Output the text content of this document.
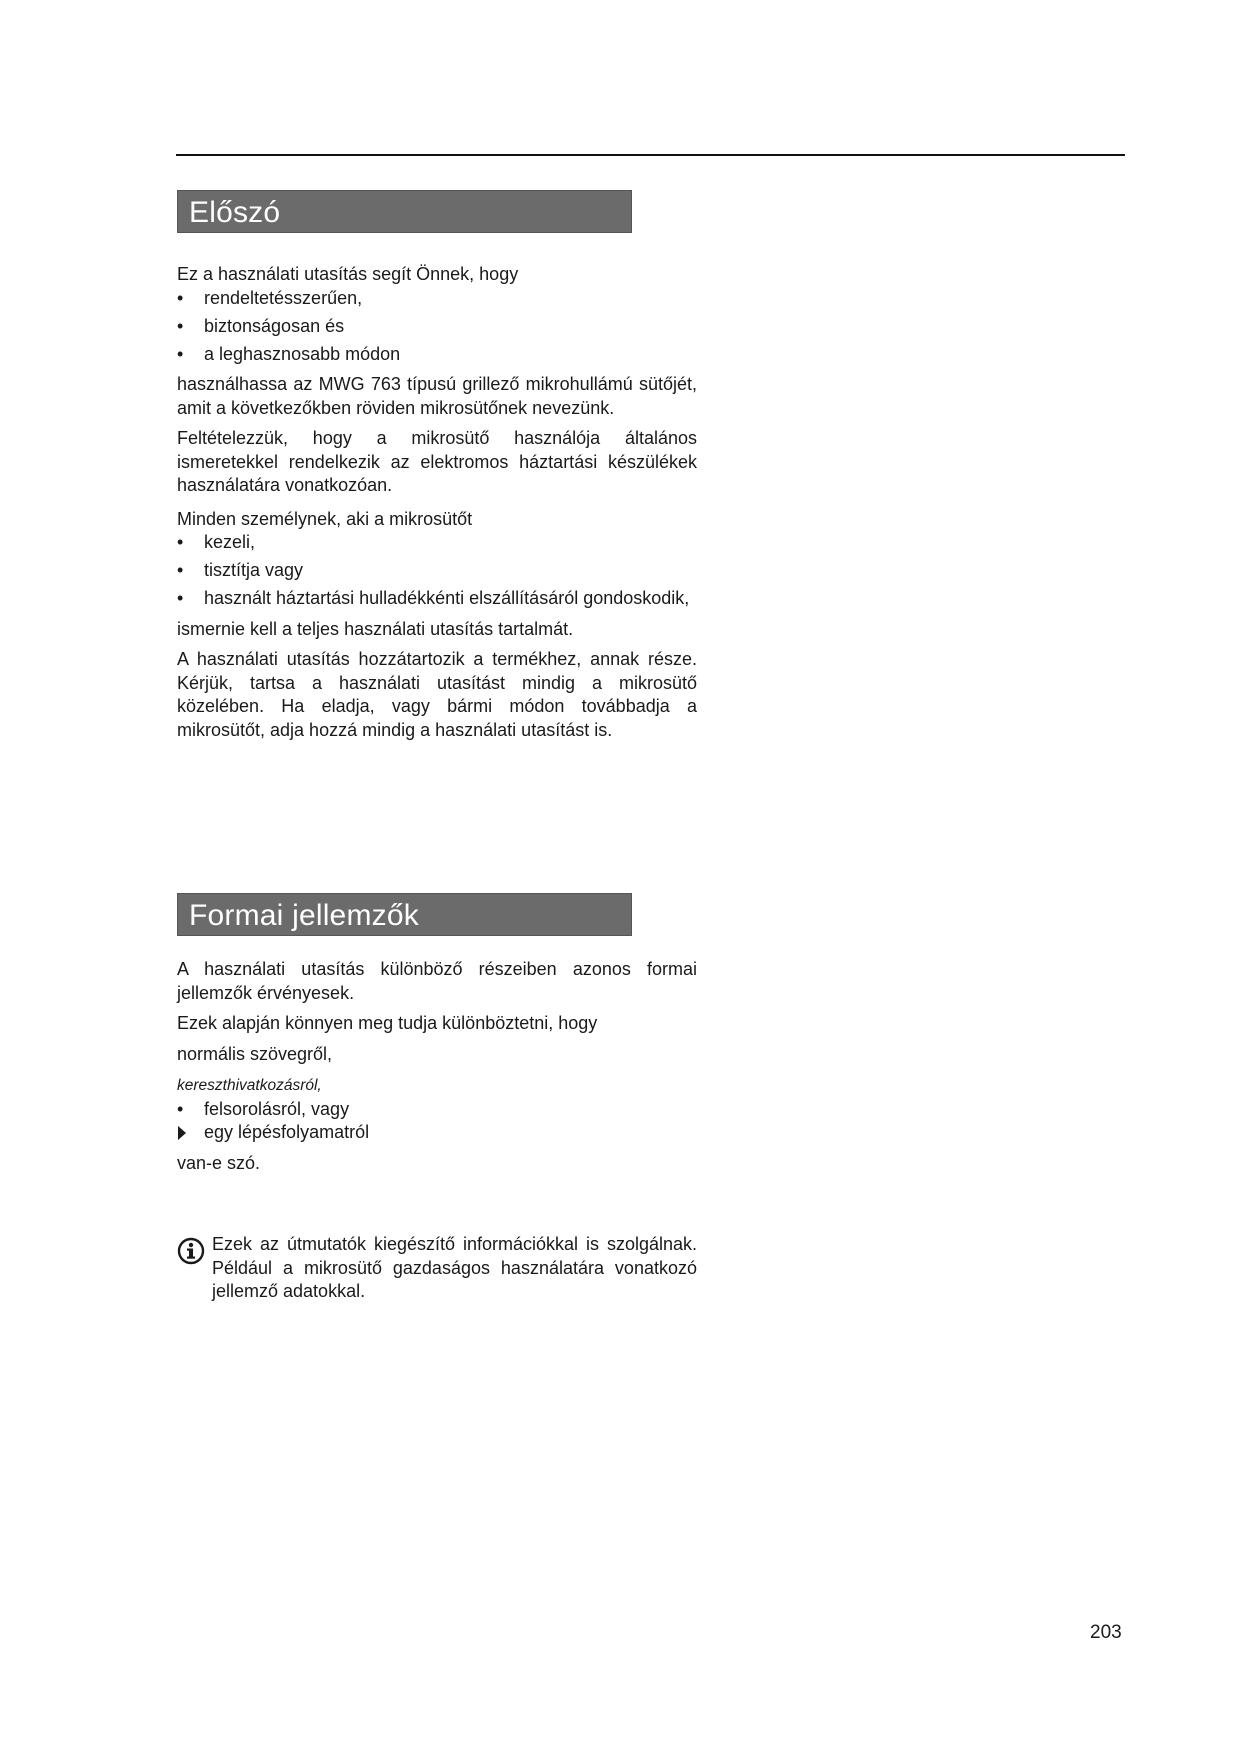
Előszó

Ez a használati utasítás segít Önnek, hogy

•	rendeltetésszerűen,
•	biztonságosan és
•	a leghasznosabb módon

használhassa az MWG 763 típusú grillező mikrohullámú sütőjét, amit a következőkben röviden mikrosütőnek nevezünk.

Feltételezzük, hogy a mikrosütő használója általános ismeretekkel rendelkezik az elektromos háztartási készülékek használatára vonatkozóan.

Minden személynek, aki a mikrosütőt

•	kezeli,
•	tisztítja vagy
•	használt háztartási hulladékkénti elszállításáról gondoskodik,

ismernie kell a teljes használati utasítás tartalmát.

A használati utasítás hozzátartozik a termékhez, annak része. Kérjük, tartsa a használati utasítást mindig a mikrosütő közelében. Ha eladja, vagy bármi módon továbbadja a mikrosütőt, adja hozzá mindig a használati utasítást is.

Formai jellemzők

A használati utasítás különböző részeiben azonos formai jellemzők érvényesek.

Ezek alapján könnyen meg tudja különböztetni, hogy

normális szövegről,

kereszthivatkozásról,

•	felsorolásról, vagy
egy lépésfolyamatról

van-e szó.

Ezek az útmutatók kiegészítő információkkal is szolgálnak. Például a mikrosütő gazdaságos használatára vonatkozó jellemző adatokkal.

203
